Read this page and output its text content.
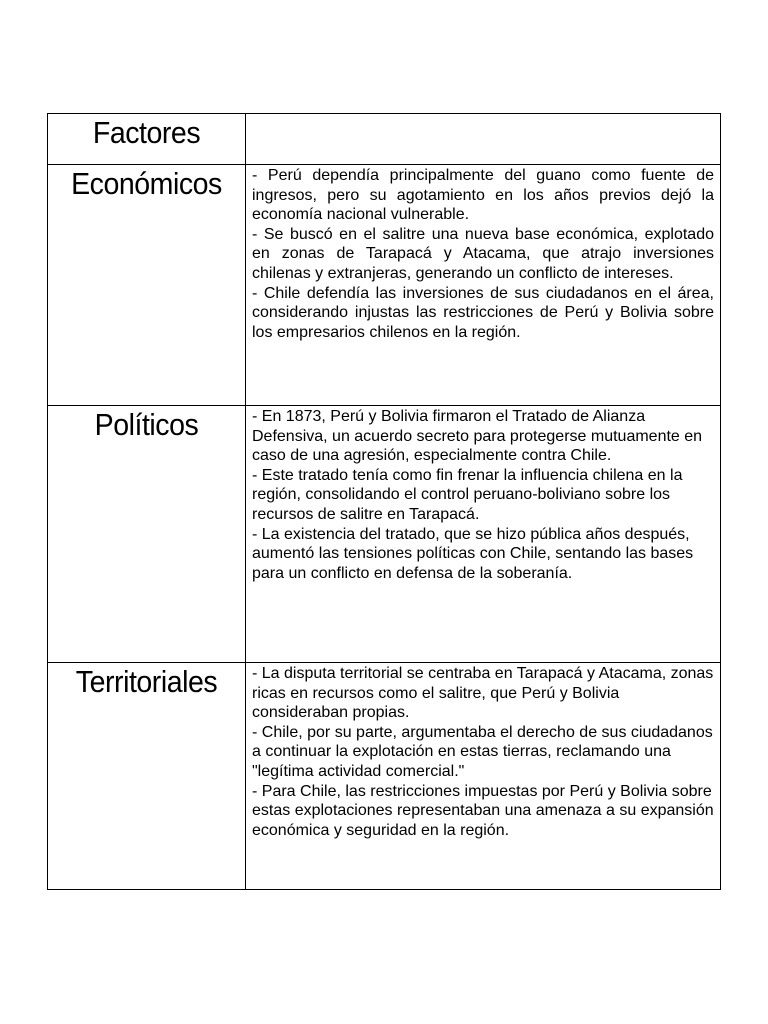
Factores	

Económicos	- Perú dependía principalmente del guano como fuente de ingresos, pero su agotamiento en los años previos dejó la economía nacional vulnerable.

- Se buscó en el salitre una nueva base económica, explotado en zonas de Tarapacá y Atacama, que atrajo inversiones chilenas y extranjeras, generando un conflicto de intereses.

- Chile defendía las inversiones de sus ciudadanos en el área, considerando injustas las restricciones de Perú y Bolivia sobre los empresarios chilenos en la región.

Políticos	- En 1873, Perú y Bolivia firmaron el Tratado de Alianza Defensiva, un acuerdo secreto para protegerse mutuamente en caso de una agresión, especialmente contra Chile.

- Este tratado tenía como fin frenar la influencia chilena en la región, consolidando el control peruano-boliviano sobre los recursos de salitre en Tarapacá.

- La existencia del tratado, que se hizo pública años después, aumentó las tensiones políticas con Chile, sentando las bases para un conflicto en defensa de la soberanía.

Territoriales	- La disputa territorial se centraba en Tarapacá y Atacama, zonas ricas en recursos como el salitre, que Perú y Bolivia consideraban propias.

- Chile, por su parte, argumentaba el derecho de sus ciudadanos a continuar la explotación en estas tierras, reclamando una "legítima actividad comercial."

- Para Chile, las restricciones impuestas por Perú y Bolivia sobre estas explotaciones representaban una amenaza a su expansión económica y seguridad en la región.
